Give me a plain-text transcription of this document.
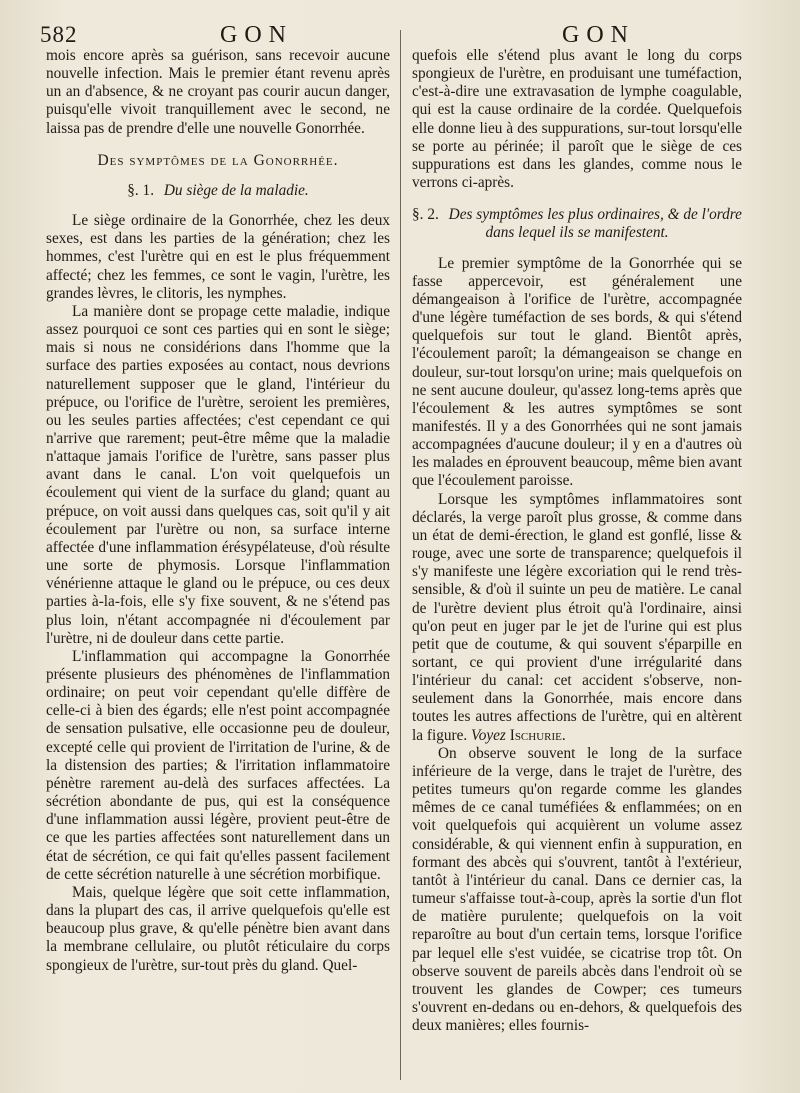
582	GON	GON

mois encore après sa guérison, sans recevoir aucune nouvelle infection. Mais le premier étant revenu après un an d'absence, & ne croyant pas courir aucun danger, puisqu'elle vivoit tranquillement avec le second, ne laissa pas de prendre d'elle une nouvelle Gonorrhée.

Des symptômes de la Gonorrhée.

§. 1. Du siège de la maladie.

Le siège ordinaire de la Gonorrhée, chez les deux sexes, est dans les parties de la génération; chez les hommes, c'est l'urètre qui en est le plus fréquemment affecté; chez les femmes, ce sont le vagin, l'urètre, les grandes lèvres, le clitoris, les nymphes.

La manière dont se propage cette maladie, indique assez pourquoi ce sont ces parties qui en sont le siège; mais si nous ne considérions dans l'homme que la surface des parties exposées au contact, nous devrions naturellement supposer que le gland, l'intérieur du prépuce, ou l'orifice de l'urètre, seroient les premières, ou les seules parties affectées; c'est cependant ce qui n'arrive que rarement; peut-être même que la maladie n'attaque jamais l'orifice de l'urètre, sans passer plus avant dans le canal. L'on voit quelquefois un écoulement qui vient de la surface du gland; quant au prépuce, on voit aussi dans quelques cas, soit qu'il y ait écoulement par l'urètre ou non, sa surface interne affectée d'une inflammation érésypélateuse, d'où résulte une sorte de phymosis. Lorsque l'inflammation vénérienne attaque le gland ou le prépuce, ou ces deux parties à-la-fois, elle s'y fixe souvent, & ne s'étend pas plus loin, n'étant accompagnée ni d'écoulement par l'urètre, ni de douleur dans cette partie.

L'inflammation qui accompagne la Gonorrhée présente plusieurs des phénomènes de l'inflammation ordinaire; on peut voir cependant qu'elle diffère de celle-ci à bien des égards; elle n'est point accompagnée de sensation pulsative, elle occasionne peu de douleur, excepté celle qui provient de l'irritation de l'urine, & de la distension des parties; & l'irritation inflammatoire pénètre rarement au-delà des surfaces affectées. La sécrétion abondante de pus, qui est la conséquence d'une inflammation aussi légère, provient peut-être de ce que les parties affectées sont naturellement dans un état de sécrétion, ce qui fait qu'elles passent facilement de cette sécrétion naturelle à une sécrétion morbifique.

Mais, quelque légère que soit cette inflammation, dans la plupart des cas, il arrive quelquefois qu'elle est beaucoup plus grave, & qu'elle pénètre bien avant dans la membrane cellulaire, ou plutôt réticulaire du corps spongieux de l'urètre, sur-tout près du gland. Quel-

quefois elle s'étend plus avant le long du corps spongieux de l'urètre, en produisant une tuméfaction, c'est-à-dire une extravasation de lymphe coagulable, qui est la cause ordinaire de la cordée. Quelquefois elle donne lieu à des suppurations, sur-tout lorsqu'elle se porte au périnée; il paroît que le siège de ces suppurations est dans les glandes, comme nous le verrons ci-après.

§. 2. Des symptômes les plus ordinaires, & de l'ordre dans lequel ils se manifestent.

Le premier symptôme de la Gonorrhée qui se fasse appercevoir, est généralement une démangeaison à l'orifice de l'urètre, accompagnée d'une légère tuméfaction de ses bords, & qui s'étend quelquefois sur tout le gland. Bientôt après, l'écoulement paroît; la démangeaison se change en douleur, sur-tout lorsqu'on urine; mais quelquefois on ne sent aucune douleur, qu'assez long-tems après que l'écoulement & les autres symptômes se sont manifestés. Il y a des Gonorrhées qui ne sont jamais accompagnées d'aucune douleur; il y en a d'autres où les malades en éprouvent beaucoup, même bien avant que l'écoulement paroisse.

Lorsque les symptômes inflammatoires sont déclarés, la verge paroît plus grosse, & comme dans un état de demi-érection, le gland est gonflé, lisse & rouge, avec une sorte de transparence; quelquefois il s'y manifeste une légère excoriation qui le rend très-sensible, & d'où il suinte un peu de matière. Le canal de l'urètre devient plus étroit qu'à l'ordinaire, ainsi qu'on peut en juger par le jet de l'urine qui est plus petit que de coutume, & qui souvent s'éparpille en sortant, ce qui provient d'une irrégularité dans l'intérieur du canal: cet accident s'observe, non-seulement dans la Gonorrhée, mais encore dans toutes les autres affections de l'urètre, qui en altèrent la figure. Voyez Ischurie.

On observe souvent le long de la surface inférieure de la verge, dans le trajet de l'urètre, des petites tumeurs qu'on regarde comme les glandes mêmes de ce canal tuméfiées & enflammées; on en voit quelquefois qui acquièrent un volume assez considérable, & qui viennent enfin à suppuration, en formant des abcès qui s'ouvrent, tantôt à l'extérieur, tantôt à l'intérieur du canal. Dans ce dernier cas, la tumeur s'affaisse tout-à-coup, après la sortie d'un flot de matière purulente; quelquefois on la voit reparoître au bout d'un certain tems, lorsque l'orifice par lequel elle s'est vuidée, se cicatrise trop tôt. On observe souvent de pareils abcès dans l'endroit où se trouvent les glandes de Cowper; ces tumeurs s'ouvrent en-dedans ou en-dehors, & quelquefois des deux manières; elles fournis-
